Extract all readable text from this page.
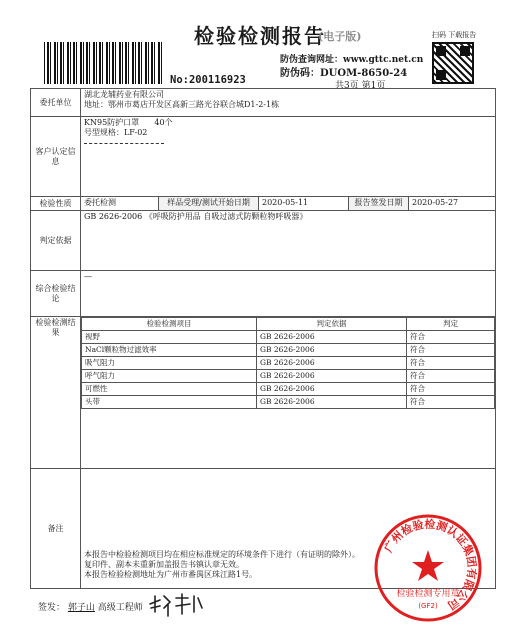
检验检测报告
(电子版)
No:200116923
防伪查询网址：www.gttc.net.cn
防伪码：DUOM-8650-24
共3页 第1页
扫码 下载报告
委托单位	
湖北龙辅药业有限公司
地址：鄂州市葛店开发区高新三路光谷联合城D1-2-1栋

客户认定信息	
KN95防护口罩 40个
号型规格：LF-02

检验性质	委托检测	样品受理/测试开始日期	2020-05-11	报告签发日期	2020-05-27
判定依据	GB 2626-2006 《呼吸防护用品 自吸过滤式防颗粒物呼吸器》
综合检验结论	—
检验检测结果	
检验检测项目	判定依据	判定
视野	GB 2626-2006	符合
NaCl颗粒物过滤效率	GB 2626-2006	符合
吸气阻力	GB 2626-2006	符合
呼气阻力	GB 2626-2006	符合
可燃性	GB 2626-2006	符合
头带	GB 2626-2006	符合

备注	
本报告中检验检测项目均在相应标准规定的环境条件下进行（有证明的除外）。
复印件、副本未重新加盖报告书镇认章无效。
本报告检验检测地址为广州市番禺区珠江路1号。
签发： 郭子山 高级工程师
广州检验检测认证集团有限公司
检验检测专用章
(GF2)
